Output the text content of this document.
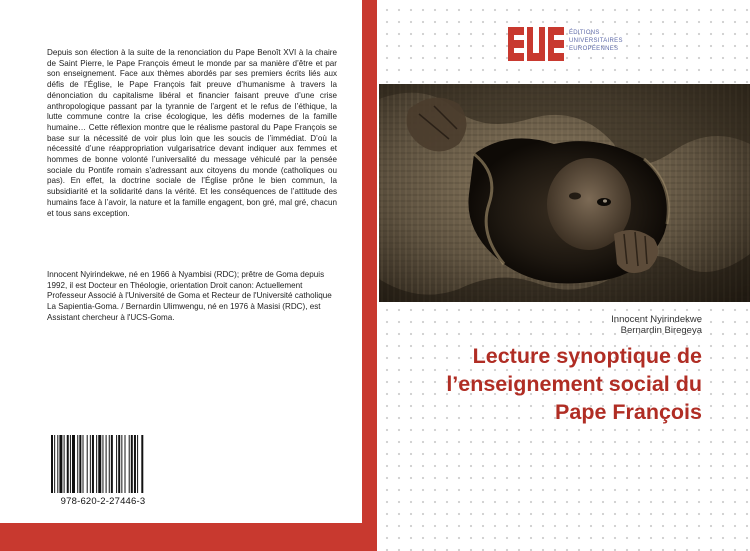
Depuis son élection à la suite de la renonciation du Pape Benoît XVI à la chaire de Saint Pierre, le Pape François émeut le monde par sa manière d’être et par son enseignement. Face aux thèmes abordés par ses premiers écrits liés aux défis de l’Église, le Pape François fait preuve d’humanisme à travers la dénonciation du capitalisme libéral et financier faisant preuve d’une crise anthropologique passant par la tyrannie de l’argent et le refus de l’éthique, la lutte commune contre la crise écologique, les défis modernes de la famille humaine… Cette réflexion montre que le réalisme pastoral du Pape François se base sur la nécessité de voir plus loin que les soucis de l’immédiat. D’où la nécessité d’une réappropriation vulgarisatrice devant indiquer aux femmes et hommes de bonne volonté l’universalité du message véhiculé par la pensée sociale du Pontife romain s’adressant aux citoyens du monde (catholiques ou pas). En effet, la doctrine sociale de l’Église prône le bien commun, la subsidiarité et la solidarité dans la vérité. Et les conséquences de l’attitude des humains face à l’avoir, la nature et la famille engagent, bon gré, mal gré, chacun et tous sans exception.

Innocent Nyirindekwe, né en 1966 à Nyambisi (RDC); prêtre de Goma depuis 1992, il est Docteur en Théologie, orientation Droit canon: Actuellement Professeur Associé à l'Université de Goma et Recteur de l'Université catholique La Sapientia-Goma. / Bernardin Ulimwengu, né en 1976 à Masisi (RDC), est Assistant chercheur à l'UCS-Goma.

978-620-2-27446-3
ÉDITIONS
UNIVERSITAIRES
EUROPÉENNES
Innocent Nyirindekwe
Bernardin Biregeya
Lecture synoptique de l’enseignement social du Pape François
